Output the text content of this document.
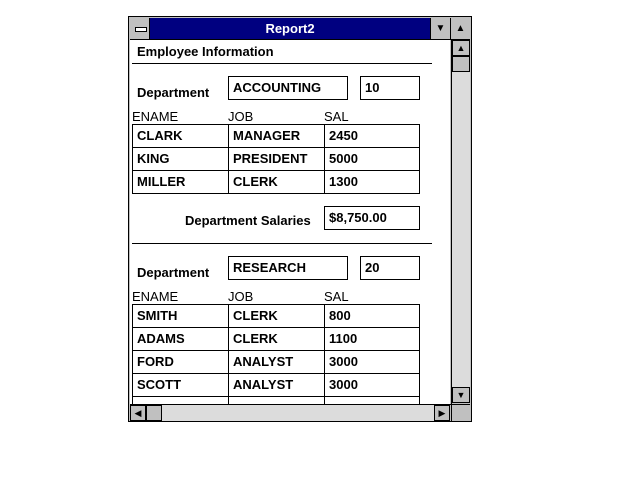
Report2	▼	▲
Employee Information
Department	ACCOUNTING	10
ENAME	JOB	SAL
CLARK	MANAGER	2450
KING	PRESIDENT	5000
MILLER	CLERK	1300
Department Salaries	$8,750.00
Department	RESEARCH	20
ENAME	JOB	SAL
SMITH	CLERK	800
ADAMS	CLERK	1100
FORD	ANALYST	3000
SCOTT	ANALYST	3000
▲
▼
◀	▶
